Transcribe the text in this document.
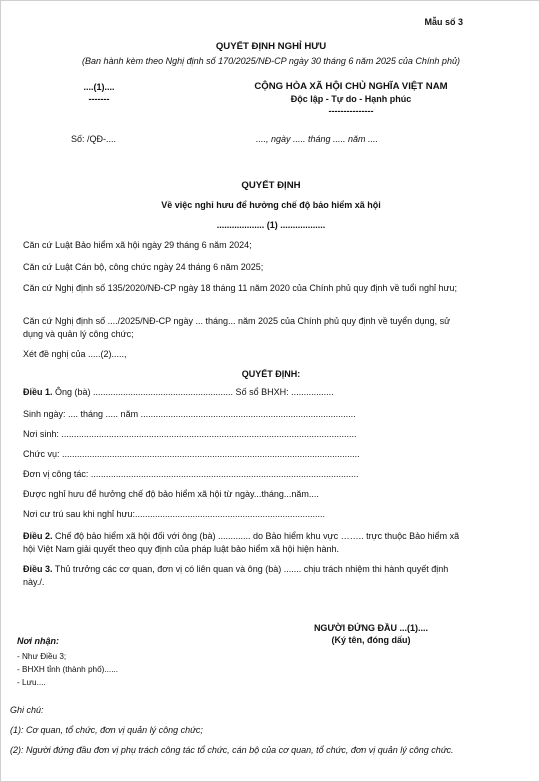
Mẫu số 3
QUYẾT ĐỊNH NGHỈ HƯU
(Ban hành kèm theo Nghị định số 170/2025/NĐ-CP ngày 30 tháng 6 năm 2025 của Chính phủ)
....(1)....
-------
CỘNG HÒA XÃ HỘI CHỦ NGHĨA VIỆT NAM
Độc lập - Tự do - Hạnh phúc
---------------
Số: /QĐ-....	...., ngày ..... tháng ..... năm ....
QUYẾT ĐỊNH
Về việc nghỉ hưu để hưởng chế độ bảo hiểm xã hội
................... (1) ..................
Căn cứ Luật Bảo hiểm xã hội ngày 29 tháng 6 năm 2024;
Căn cứ Luật Cán bộ, công chức ngày 24 tháng 6 năm 2025;
Căn cứ Nghị định số 135/2020/NĐ-CP ngày 18 tháng 11 năm 2020 của Chính phủ quy định về tuổi nghỉ hưu;
Căn cứ Nghị định số ..../2025/NĐ-CP ngày ... tháng... năm 2025 của Chính phủ quy định về tuyển dụng, sử dụng và quản lý công chức;
Xét đề nghị của .....(2).....,
QUYẾT ĐỊNH:
Điều 1. Ông (bà) ........................................................ Số sổ BHXH: .................
Sinh ngày: .... tháng ..... năm ......................................................................................
Nơi sinh: ......................................................................................................................
Chức vụ: .......................................................................................................................
Đơn vị công tác: ...........................................................................................................
Được nghỉ hưu để hưởng chế độ bảo hiểm xã hội từ ngày...tháng...năm....
Nơi cư trú sau khi nghỉ hưu:............................................................................
Điều 2. Chế độ bảo hiểm xã hội đối với ông (bà) ............. do Bảo hiểm khu vực …….. trực thuộc Bảo hiểm xã hội Việt Nam giải quyết theo quy định của pháp luật bảo hiểm xã hội hiện hành.
Điều 3. Thủ trưởng các cơ quan, đơn vị có liên quan và ông (bà) ....... chịu trách nhiệm thi hành quyết định này./.
NGƯỜI ĐỨNG ĐẦU ...(1)....
(Ký tên, đóng dấu)
Nơi nhận:
- Như Điều 3;
- BHXH tỉnh (thành phố)......
- Lưu....
Ghi chú:
(1): Cơ quan, tổ chức, đơn vị quản lý công chức;
(2): Người đứng đầu đơn vị phụ trách công tác tổ chức, cán bộ của cơ quan, tổ chức, đơn vị quản lý công chức.
